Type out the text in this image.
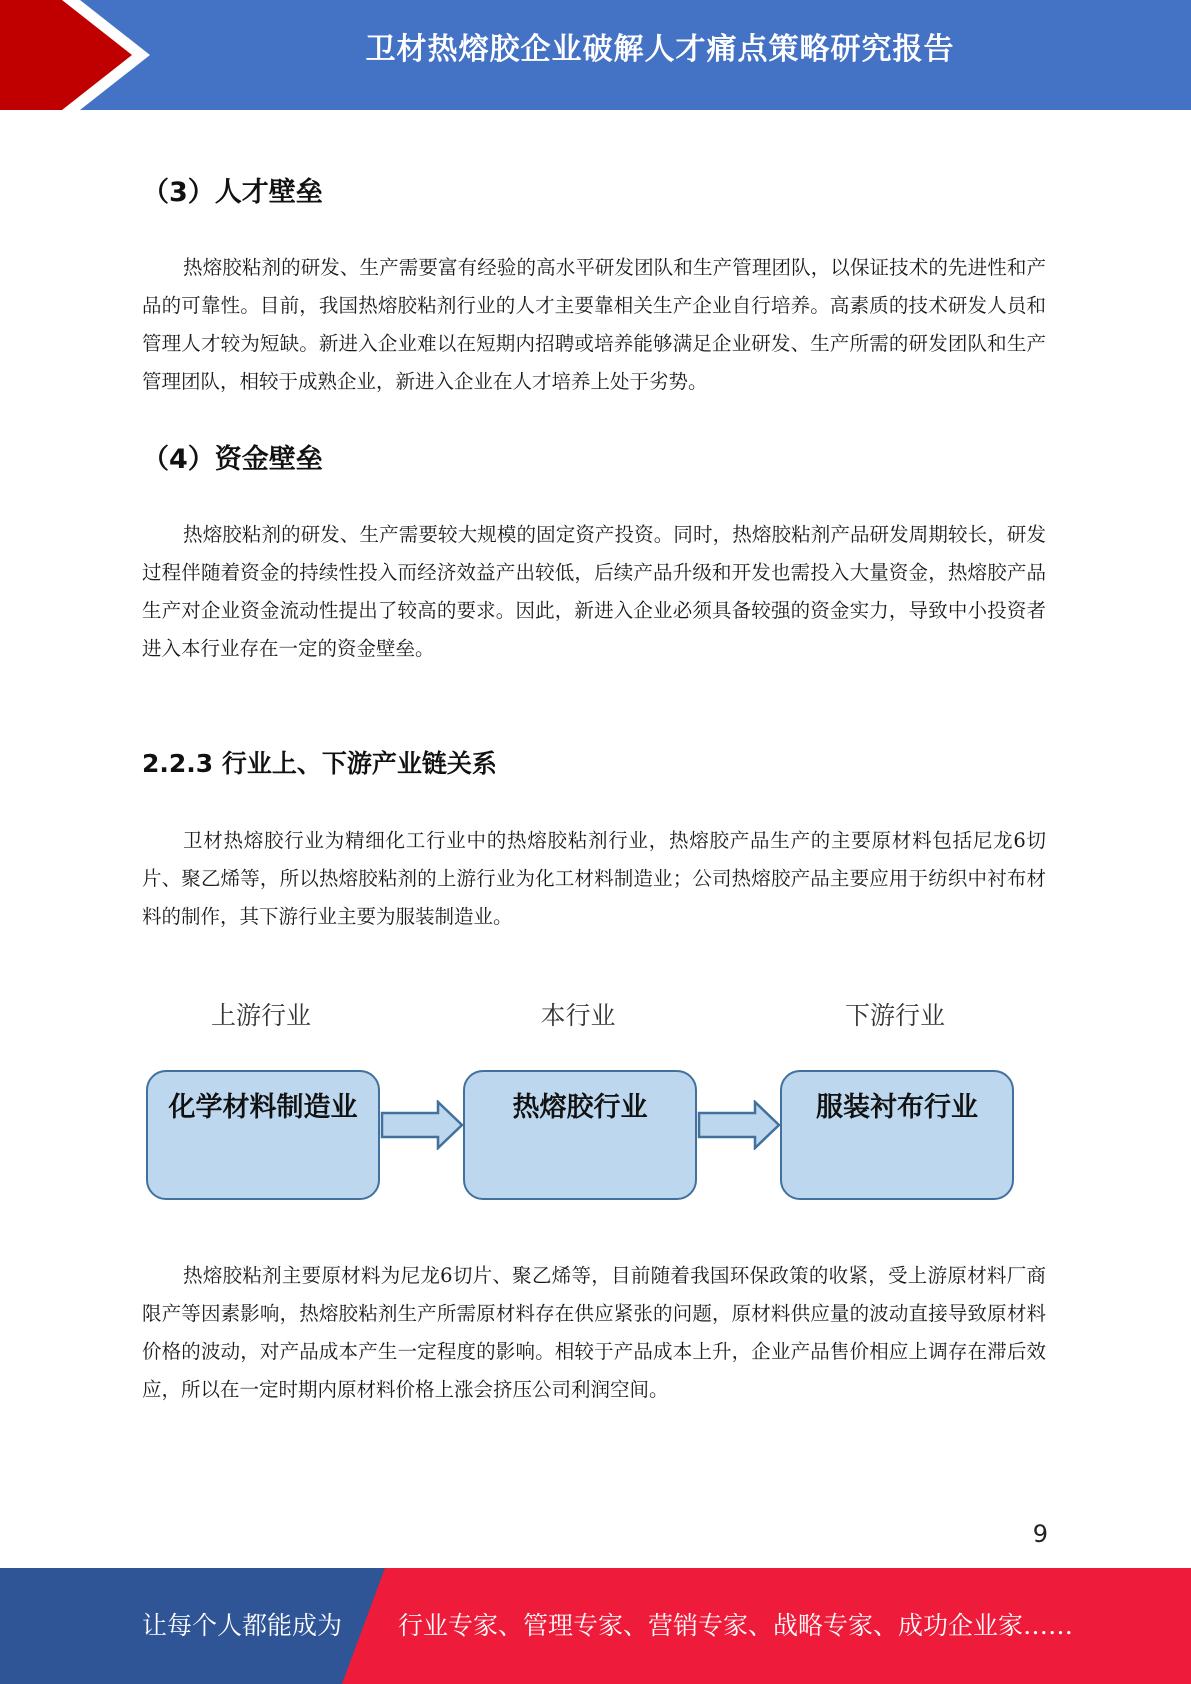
卫材热熔胶企业破解人才痛点策略研究报告
（3）人才壁垒

热熔胶粘剂的研发、生产需要富有经验的高水平研发团队和生产管理团队，以保证技术的先进性和产品的可靠性。目前，我国热熔胶粘剂行业的人才主要靠相关生产企业自行培养。高素质的技术研发人员和管理人才较为短缺。新进入企业难以在短期内招聘或培养能够满足企业研发、生产所需的研发团队和生产管理团队，相较于成熟企业，新进入企业在人才培养上处于劣势。

（4）资金壁垒

热熔胶粘剂的研发、生产需要较大规模的固定资产投资。同时，热熔胶粘剂产品研发周期较长，研发过程伴随着资金的持续性投入而经济效益产出较低，后续产品升级和开发也需投入大量资金，热熔胶产品生产对企业资金流动性提出了较高的要求。因此，新进入企业必须具备较强的资金实力，导致中小投资者进入本行业存在一定的资金壁垒。

2.2.3 行业上、下游产业链关系

卫材热熔胶行业为精细化工行业中的热熔胶粘剂行业，热熔胶产品生产的主要原材料包括尼龙6切片、聚乙烯等，所以热熔胶粘剂的上游行业为化工材料制造业；公司热熔胶产品主要应用于纺织中衬布材料的制作，其下游行业主要为服装制造业。

上游行业	本行业	下游行业
化学材料制造业	热熔胶行业	服装衬布行业

热熔胶粘剂主要原材料为尼龙6切片、聚乙烯等，目前随着我国环保政策的收紧，受上游原材料厂商限产等因素影响，热熔胶粘剂生产所需原材料存在供应紧张的问题，原材料供应量的波动直接导致原材料价格的波动，对产品成本产生一定程度的影响。相较于产品成本上升，企业产品售价相应上调存在滞后效应，所以在一定时期内原材料价格上涨会挤压公司利润空间。

9
让每个人都能成为 行业专家、管理专家、营销专家、战略专家、成功企业家……
